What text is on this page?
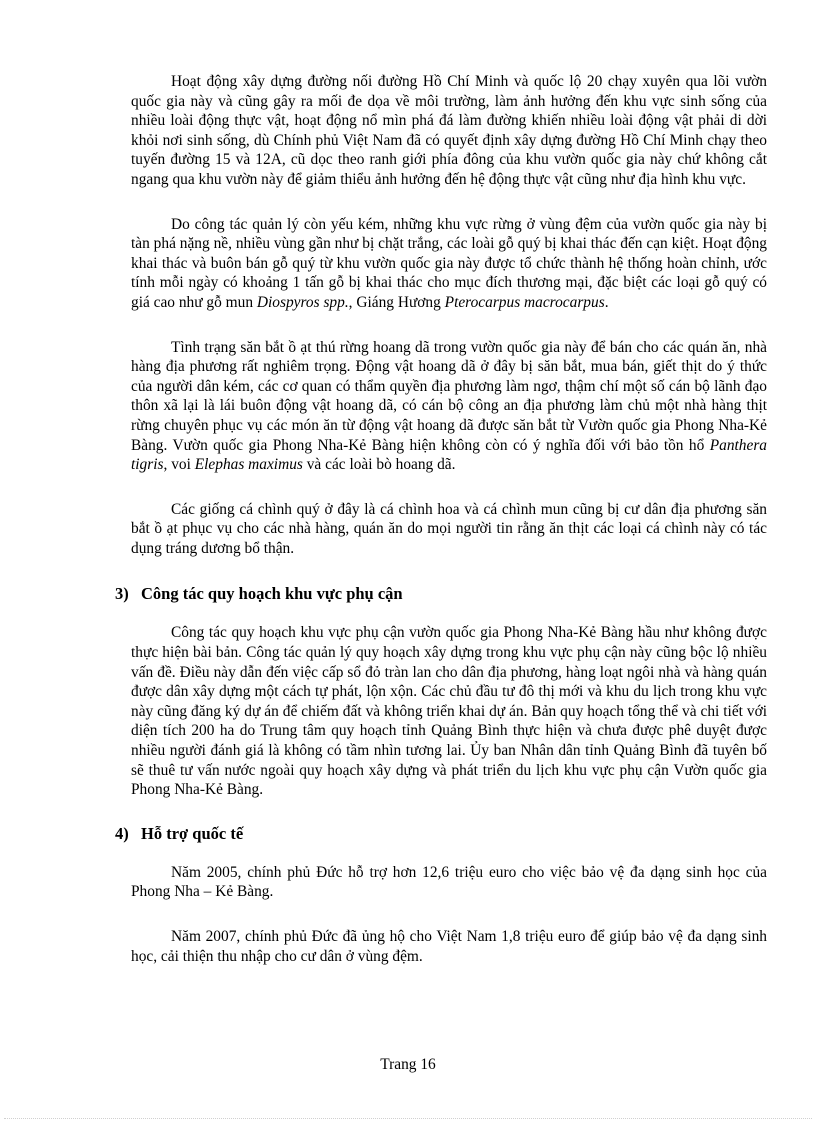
Hoạt động xây dựng đường nối đường Hồ Chí Minh và quốc lộ 20 chạy xuyên qua lõi vườn quốc gia này và cũng gây ra mối đe dọa về môi trường, làm ảnh hưởng đến khu vực sinh sống của nhiều loài động thực vật, hoạt động nổ mìn phá đá làm đường khiến nhiều loài động vật phải di dời khỏi nơi sinh sống, dù Chính phủ Việt Nam đã có quyết định xây dựng đường Hồ Chí Minh chạy theo tuyến đường 15 và 12A, cũ dọc theo ranh giới phía đông của khu vườn quốc gia này chứ không cắt ngang qua khu vườn này để giảm thiểu ảnh hưởng đến hệ động thực vật cũng như địa hình khu vực.

Do công tác quản lý còn yếu kém, những khu vực rừng ở vùng đệm của vườn quốc gia này bị tàn phá nặng nề, nhiều vùng gần như bị chặt trắng, các loài gỗ quý bị khai thác đến cạn kiệt. Hoạt động khai thác và buôn bán gỗ quý từ khu vườn quốc gia này được tổ chức thành hệ thống hoàn chỉnh, ước tính mỗi ngày có khoảng 1 tấn gỗ bị khai thác cho mục đích thương mại, đặc biệt các loại gỗ quý có giá cao như gỗ mun Diospyros spp., Giáng Hương Pterocarpus macrocarpus.

Tình trạng săn bắt ồ ạt thú rừng hoang dã trong vườn quốc gia này để bán cho các quán ăn, nhà hàng địa phương rất nghiêm trọng. Động vật hoang dã ở đây bị săn bắt, mua bán, giết thịt do ý thức của người dân kém, các cơ quan có thẩm quyền địa phương làm ngơ, thậm chí một số cán bộ lãnh đạo thôn xã lại là lái buôn động vật hoang dã, có cán bộ công an địa phương làm chủ một nhà hàng thịt rừng chuyên phục vụ các món ăn từ động vật hoang dã được săn bắt từ Vườn quốc gia Phong Nha-Kẻ Bàng. Vườn quốc gia Phong Nha-Kẻ Bàng hiện không còn có ý nghĩa đối với bảo tồn hổ Panthera tigris, voi Elephas maximus và các loài bò hoang dã.

Các giống cá chình quý ở đây là cá chình hoa và cá chình mun cũng bị cư dân địa phương săn bắt ồ ạt phục vụ cho các nhà hàng, quán ăn do mọi người tin rằng ăn thịt các loại cá chình này có tác dụng tráng dương bổ thận.

3) Công tác quy hoạch khu vực phụ cận

Công tác quy hoạch khu vực phụ cận vườn quốc gia Phong Nha-Kẻ Bàng hầu như không được thực hiện bài bản. Công tác quản lý quy hoạch xây dựng trong khu vực phụ cận này cũng bộc lộ nhiều vấn đề. Điều này dẫn đến việc cấp sổ đỏ tràn lan cho dân địa phương, hàng loạt ngôi nhà và hàng quán được dân xây dựng một cách tự phát, lộn xộn. Các chủ đầu tư đô thị mới và khu du lịch trong khu vực này cũng đăng ký dự án để chiếm đất và không triển khai dự án. Bản quy hoạch tổng thể và chi tiết với diện tích 200 ha do Trung tâm quy hoạch tỉnh Quảng Bình thực hiện và chưa được phê duyệt được nhiều người đánh giá là không có tầm nhìn tương lai. Ủy ban Nhân dân tỉnh Quảng Bình đã tuyên bố sẽ thuê tư vấn nước ngoài quy hoạch xây dựng và phát triển du lịch khu vực phụ cận Vườn quốc gia Phong Nha-Kẻ Bàng.

4) Hỗ trợ quốc tế

Năm 2005, chính phủ Đức hỗ trợ hơn 12,6 triệu euro cho việc bảo vệ đa dạng sinh học của Phong Nha – Kẻ Bàng.

Năm 2007, chính phủ Đức đã ủng hộ cho Việt Nam 1,8 triệu euro để giúp bảo vệ đa dạng sinh học, cải thiện thu nhập cho cư dân ở vùng đệm.

Trang 16
